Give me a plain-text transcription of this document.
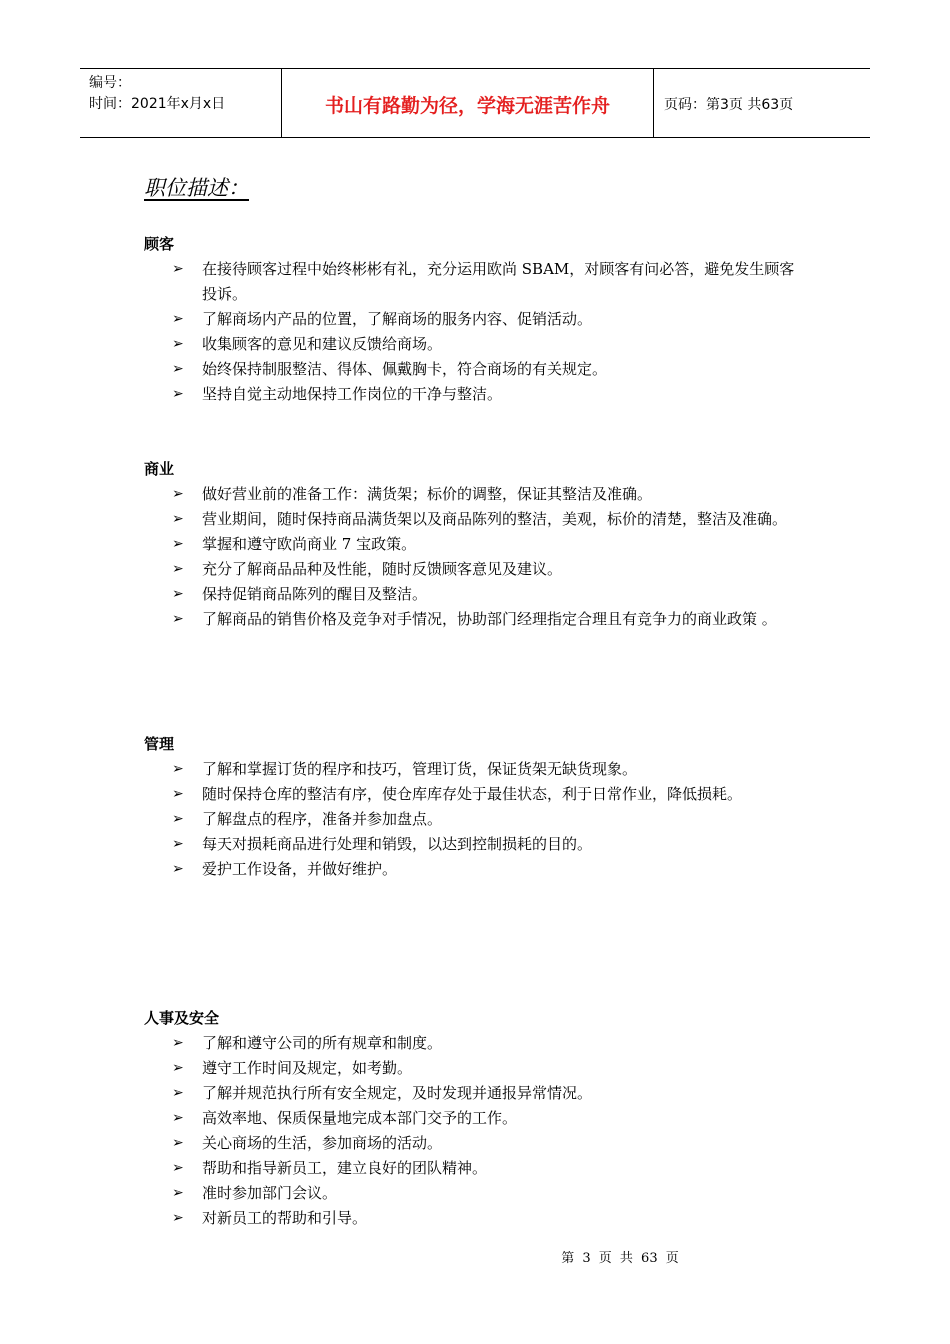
编号：
时间：2021年x月x日	书山有路勤为径，学海无涯苦作舟	页码：第3页 共63页
职位描述：
顾客
➢ 在接待顾客过程中始终彬彬有礼，充分运用欧尚 SBAM，对顾客有问必答，避免发生顾客投诉。
➢ 了解商场内产品的位置，了解商场的服务内容、促销活动。
➢ 收集顾客的意见和建议反馈给商场。
➢ 始终保持制服整洁、得体、佩戴胸卡，符合商场的有关规定。
➢ 坚持自觉主动地保持工作岗位的干净与整洁。
商业
➢ 做好营业前的准备工作：满货架；标价的调整，保证其整洁及准确。
➢ 营业期间，随时保持商品满货架以及商品陈列的整洁，美观，标价的清楚，整洁及准确。
➢ 掌握和遵守欧尚商业 7 宝政策。
➢ 充分了解商品品种及性能，随时反馈顾客意见及建议。
➢ 保持促销商品陈列的醒目及整洁。
➢ 了解商品的销售价格及竞争对手情况，协助部门经理指定合理且有竞争力的商业政策 。
管理
➢ 了解和掌握订货的程序和技巧，管理订货，保证货架无缺货现象。
➢ 随时保持仓库的整洁有序，使仓库库存处于最佳状态，利于日常作业，降低损耗。
➢ 了解盘点的程序，准备并参加盘点。
➢ 每天对损耗商品进行处理和销毁，以达到控制损耗的目的。
➢ 爱护工作设备，并做好维护。
人事及安全
➢ 了解和遵守公司的所有规章和制度。
➢ 遵守工作时间及规定，如考勤。
➢ 了解并规范执行所有安全规定，及时发现并通报异常情况。
➢ 高效率地、保质保量地完成本部门交予的工作。
➢ 关心商场的生活，参加商场的活动。
➢ 帮助和指导新员工，建立良好的团队精神。
➢ 准时参加部门会议。
➢ 对新员工的帮助和引导。
第 3 页 共 63 页
